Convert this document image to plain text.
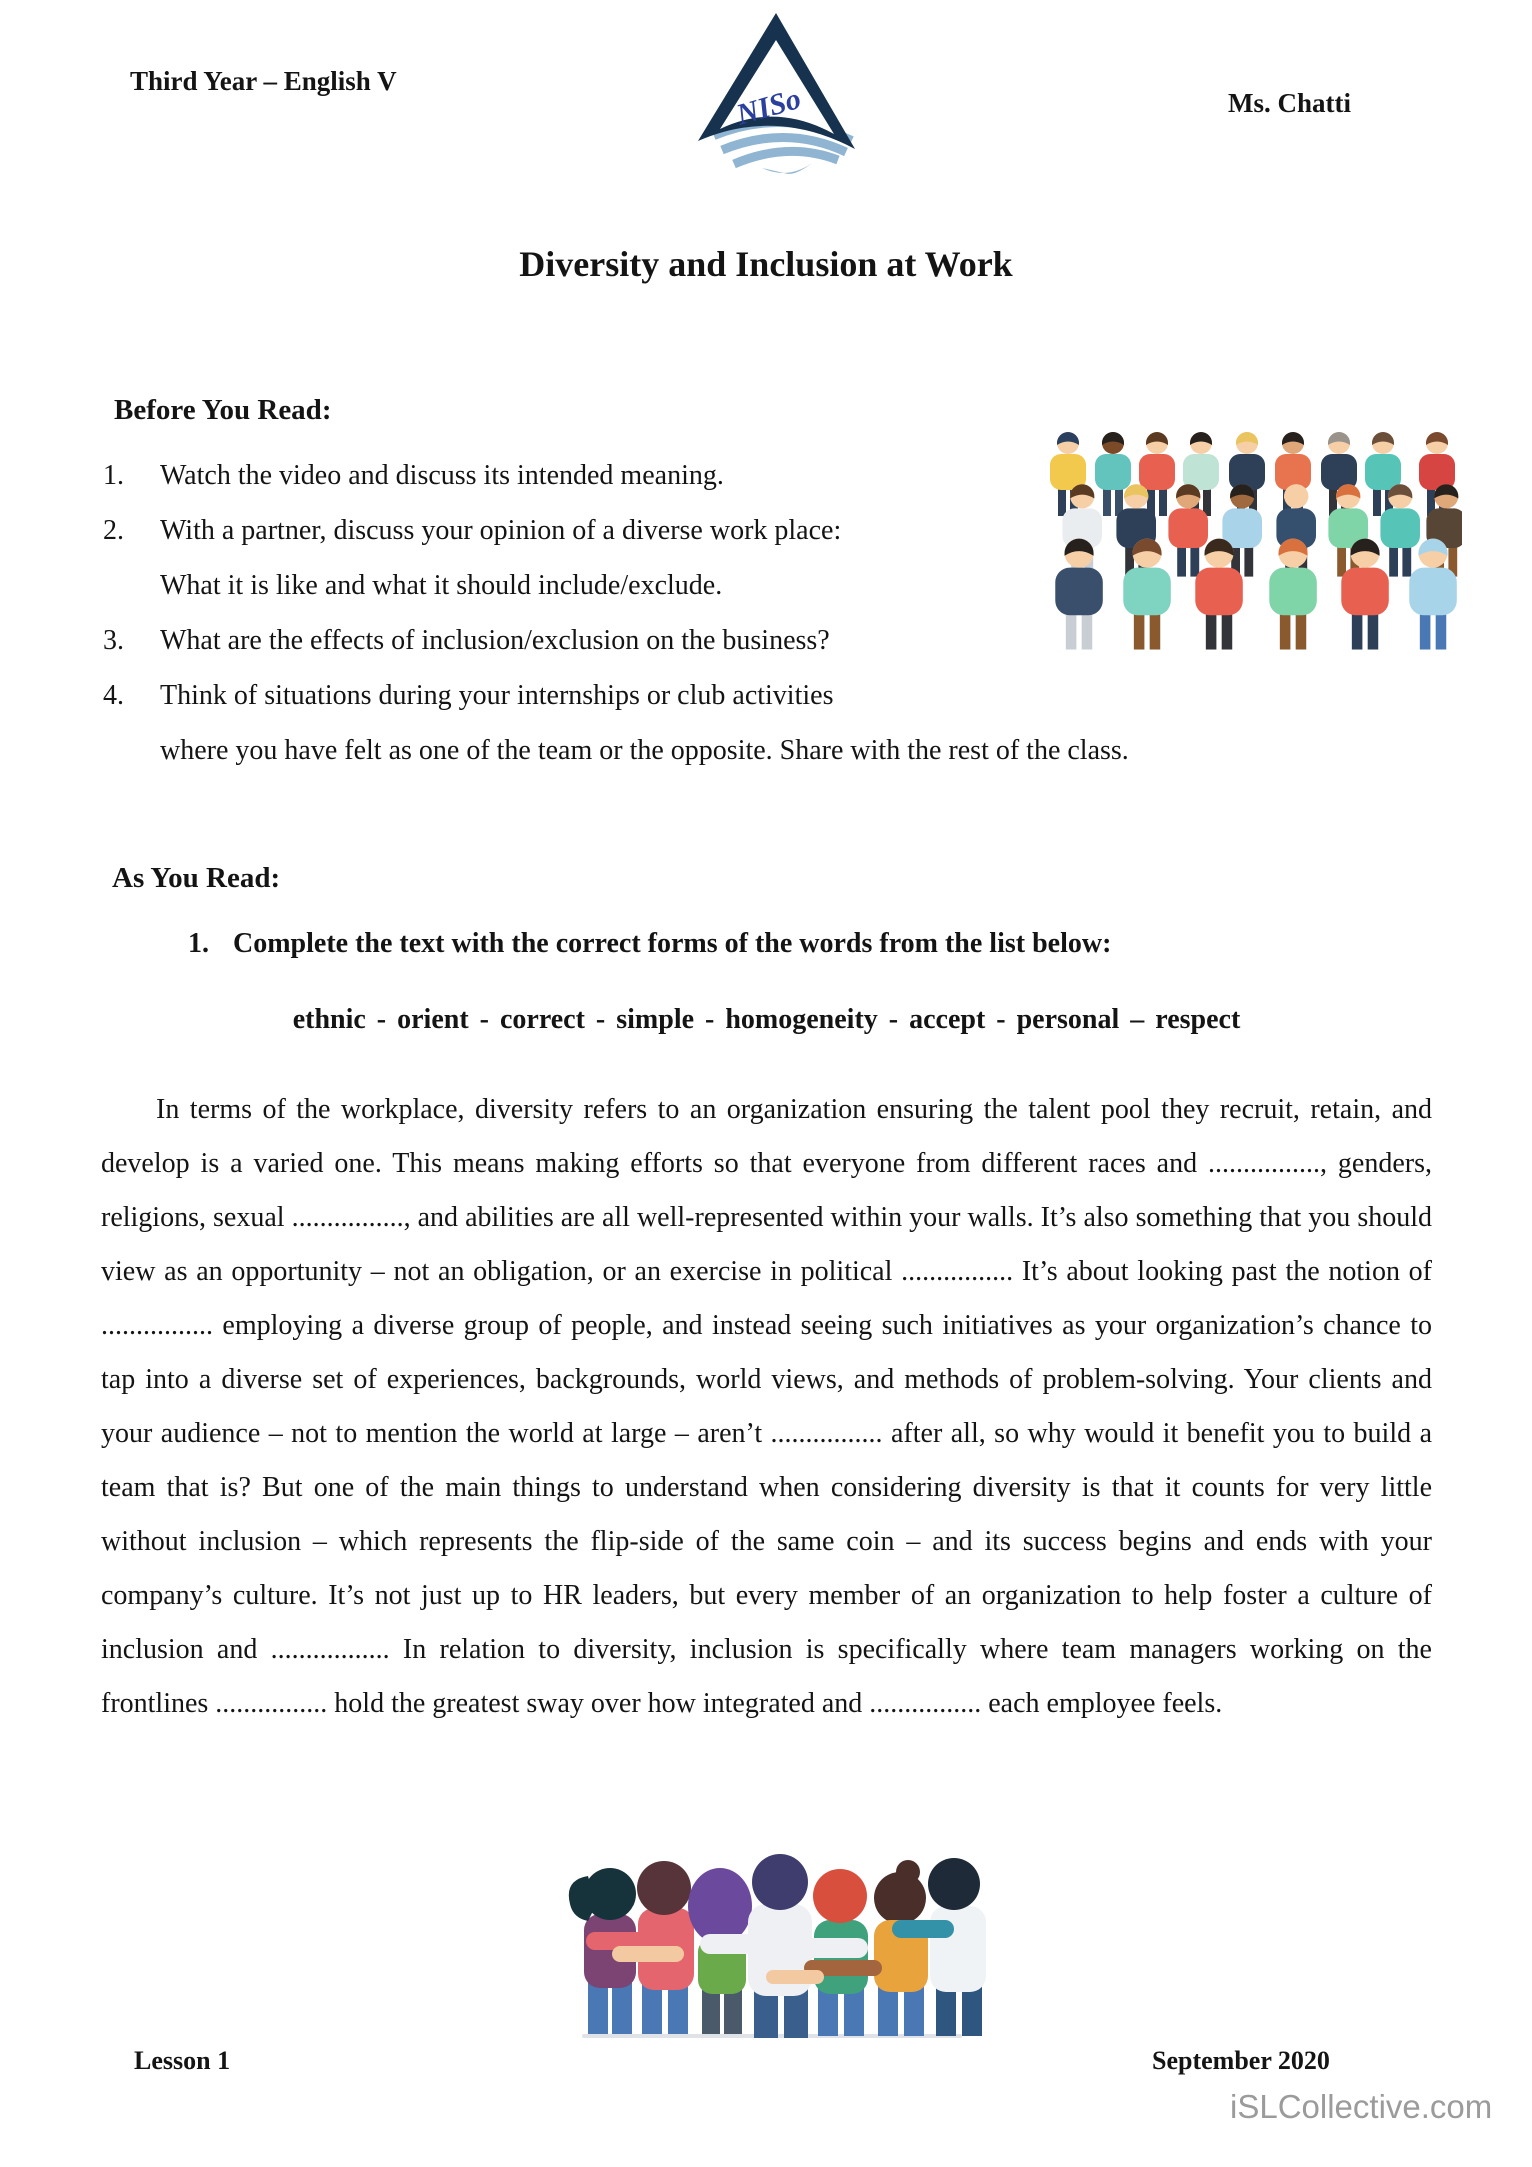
Third Year – English V
NISo	Ms. Chatti
Diversity and Inclusion at Work
Before You Read:
1.	Watch the video and discuss its intended meaning.
2.	With a partner, discuss your opinion of a diverse work place:
What it is like and what it should include/exclude.
3.	What are the effects of inclusion/exclusion on the business?
4.	Think of situations during your internships or club activities
where you have felt as one of the team or the opposite. Share with the rest of the class.
As You Read:
1. Complete the text with the correct forms of the words from the list below:
ethnic - orient - correct - simple - homogeneity - accept - personal – respect
In terms of the workplace, diversity refers to an organization ensuring the talent pool they recruit, retain, and develop is a varied one. This means making efforts so that everyone from different races and ................, genders, religions, sexual ................, and abilities are all well-represented within your walls. It’s also something that you should view as an opportunity – not an obligation, or an exercise in political ................ It’s about looking past the notion of ................ employing a diverse group of people, and instead seeing such initiatives as your organization’s chance to tap into a diverse set of experiences, backgrounds, world views, and methods of problem-solving. Your clients and your audience – not to mention the world at large – aren’t ................ after all, so why would it benefit you to build a team that is? But one of the main things to understand when considering diversity is that it counts for very little without inclusion – which represents the flip-side of the same coin – and its success begins and ends with your company’s culture. It’s not just up to HR leaders, but every member of an organization to help foster a culture of inclusion and ................. In relation to diversity, inclusion is specifically where team managers working on the frontlines ................ hold the greatest sway over how integrated and ................ each employee feels.
Lesson 1	September 2020
iSLCollective.com
